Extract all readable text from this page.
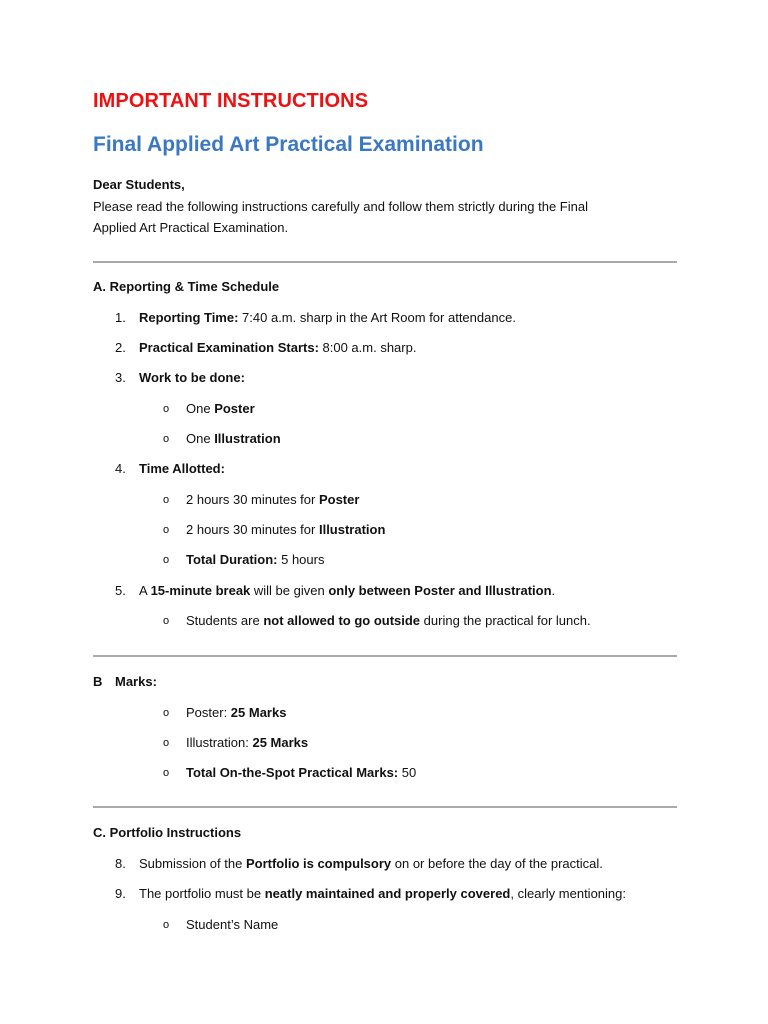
IMPORTANT INSTRUCTIONS
Final Applied Art Practical Examination
Dear Students,
Please read the following instructions carefully and follow them strictly during the Final
Applied Art Practical Examination.
A. Reporting & Time Schedule
1.	Reporting Time: 7:40 a.m. sharp in the Art Room for attendance.
2.	Practical Examination Starts: 8:00 a.m. sharp.
3.	Work to be done:
o One Poster
o One Illustration
4.	Time Allotted:
o 2 hours 30 minutes for Poster
o 2 hours 30 minutes for Illustration
o Total Duration: 5 hours
5.	A 15-minute break will be given only between Poster and Illustration.
o Students are not allowed to go outside during the practical for lunch.
B Marks:
o Poster: 25 Marks
o Illustration: 25 Marks
o Total On-the-Spot Practical Marks: 50
C. Portfolio Instructions
8.	Submission of the Portfolio is compulsory on or before the day of the practical.
9.	The portfolio must be neatly maintained and properly covered, clearly mentioning:
o Student’s Name
